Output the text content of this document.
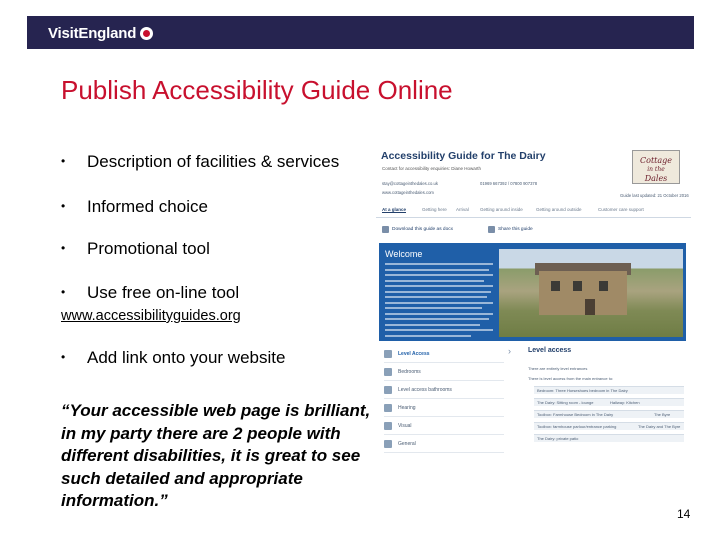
VisitEngland
Publish Accessibility Guide Online
• Description of facilities & services
• Informed choice
• Promotional tool
• Use free on-line tool
www.accessibilityguides.org
• Add link onto your website
“Your accessible web page is brilliant, in my party there are 2 people with different disabilities, it is great to see such detailed and appropriate information.”
14
Accessibility Guide for The Dairy
Contact for accessibility enquiries: Diane Howarth
stay@cottageinthedales.co.uk	01969 667392 / 07800 907378
www.cottageinthedales.com
Guide last updated: 21 October 2016
Cottage
in the
Dales
At a glance	Getting here Arrival Getting around inside	Getting around outside	Customer care support
Download this guide as docx	Share this guide
Welcome
Level Access
Bedrooms
Level access bathrooms
Hearing
Visual
General
› Level access
There are entirely level entrances
There is level access from the main entrance to:
Bedroom: Three Horseshoes bedroom in The Dairy
The Dairy: Sitting room - lounge	Hallway: Kitchen
Toolbox: Farmhouse Bedroom in The Dairy	The Byre
Toolbox: farmhouse parlour/entrance parking	The Dairy and The Byre
The Dairy: private patio
